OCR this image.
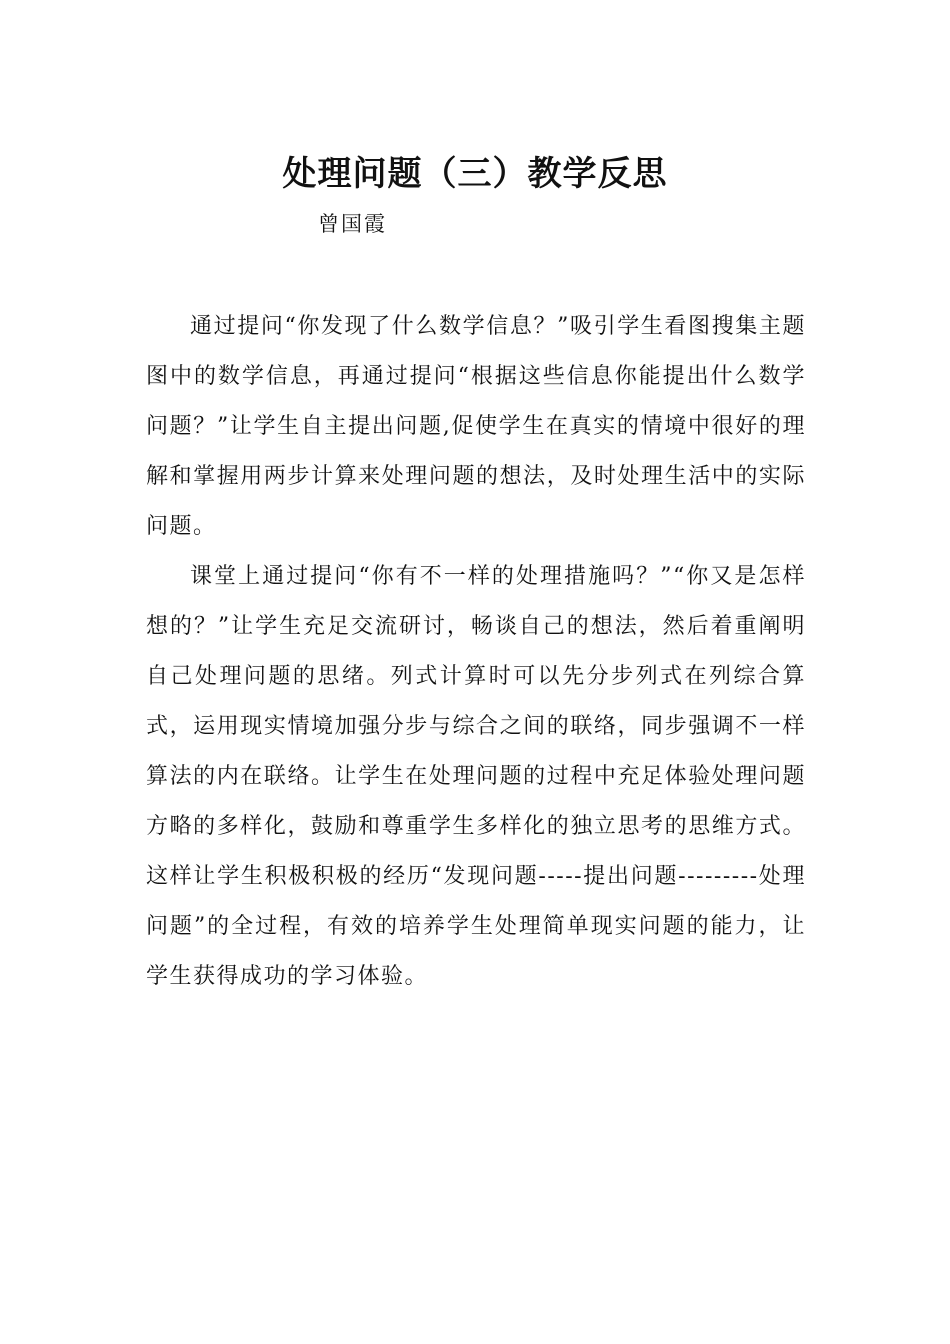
处理问题（三）教学反思

曾国霞

通过提问“你发现了什么数学信息？”吸引学生看图搜集主题图中的数学信息，再通过提问“根据这些信息你能提出什么数学问题？”让学生自主提出问题,促使学生在真实的情境中很好的理解和掌握用两步计算来处理问题的想法，及时处理生活中的实际问题。

课堂上通过提问“你有不一样的处理措施吗？”“你又是怎样想的？”让学生充足交流研讨，畅谈自己的想法，然后着重阐明自己处理问题的思绪。列式计算时可以先分步列式在列综合算式，运用现实情境加强分步与综合之间的联络，同步强调不一样算法的内在联络。让学生在处理问题的过程中充足体验处理问题方略的多样化，鼓励和尊重学生多样化的独立思考的思维方式。这样让学生积极积极的经历“发现问题-----提出问题---------处理问题”的全过程，有效的培养学生处理简单现实问题的能力，让学生获得成功的学习体验。
